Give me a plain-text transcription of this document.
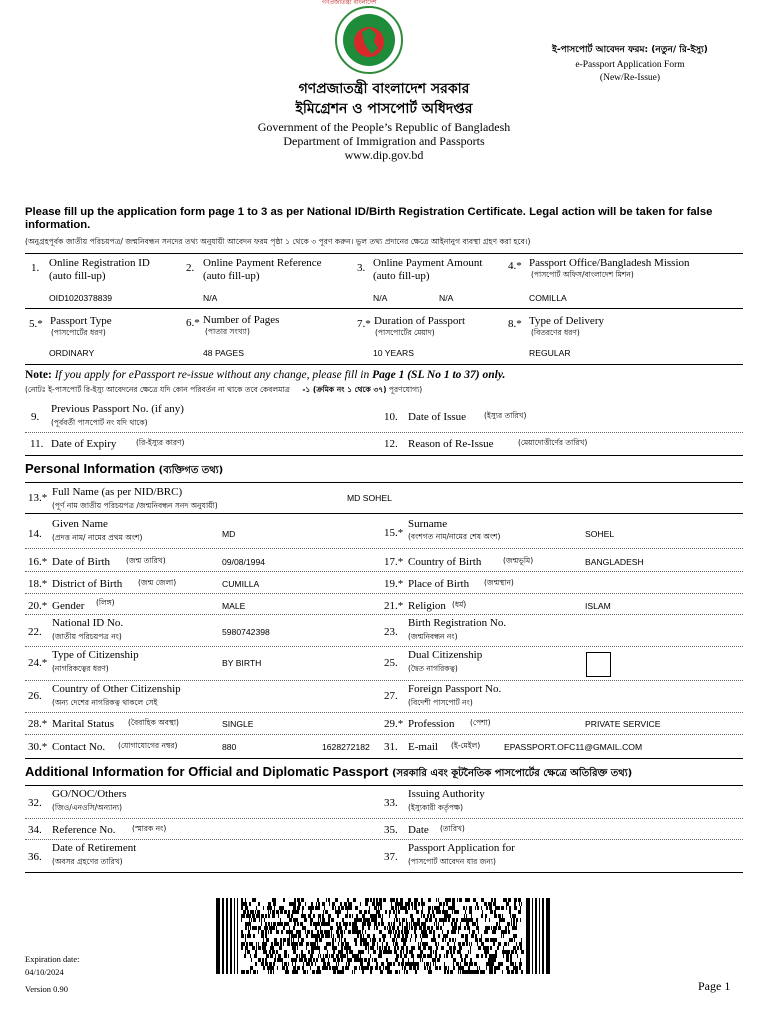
গণপ্রজাতন্ত্রী বাংলাদেশ
গণপ্রজাতন্ত্রী বাংলাদেশ সরকার
ইমিগ্রেশন ও পাসপোর্ট অধিদপ্তর
Government of the People’s Republic of Bangladesh
Department of Immigration and Passports
www.dip.gov.bd
ই-পাসপোর্ট আবেদন ফরম: (নতুন/ রি-ইস্যু)
e-Passport Application Form
(New/Re-Issue)
Please fill up the application form page 1 to 3 as per National ID/Birth Registration Certificate. Legal action will be taken for false information.
(অনুগ্রহপূর্বক জাতীয় পরিচয়পত্র/ জন্মনিবন্ধন সনদের তথ্য অনুযায়ী আবেদন ফরম পৃষ্ঠা ১ থেকে ৩ পূরণ করুন। ভুল তথ্য প্রদানের ক্ষেত্রে আইনানুগ ব্যবস্থা গ্রহণ করা হবে।)
1. Online Registration ID
(auto fill-up)
OID1020378839
2. Online Payment Reference
(auto fill-up)
N/A
3. Online Payment Amount
(auto fill-up)
N/A	N/A
4.* Passport Office/Bangladesh Mission
(পাসপোর্ট অফিস/বাংলাদেশ মিশন)
COMILLA
5.* Passport Type
(পাসপোর্টের ধরণ)
ORDINARY
6.* Number of Pages
(পাতার সংখ্যা)
48 PAGES
7.* Duration of Passport
(পাসপোর্টের মেয়াদ)
10 YEARS
8.* Type of Delivery
(বিতরণের ধরণ)
REGULAR
Note: If you apply for ePassport re-issue without any change, please fill in Page 1 (SL No 1 to 37) only.
(নোটঃ ই-পাসপোর্ট রি-ইস্যু আবেদনের ক্ষেত্রে যদি কোন পরিবর্তন না থাকে তবে কেবলমাত্র -১ (ক্রমিক নং ১ থেকে ৩৭) পূরণযোগ্য)
9.
Previous Passport No. (if any)
(পূর্ববর্তী পাসপোর্ট নং যদি থাকে)	10. Date of Issue (ইস্যুর তারিখ)
11. Date of Expiry	(রি-ইস্যুর কারণ)	12. Reason of Re-Issue	(মেয়াদোত্তীর্ণের তারিখ)
Personal Information (ব্যক্তিগত তথ্য)
13.* Full Name (as per NID/BRC)
(পূর্ণ নাম জাতীয় পরিচয়পত্র /জন্মনিবন্ধন সনদ অনুযায়ী)
MD SOHEL
14.
Given Name
(প্রদত্ত নাম/ নামের প্রথম অংশ)	MD	15.*
Surname
(বংশগত নাম/নামের শেষ অংশ)	SOHEL
16.* Date of Birth (জন্ম তারিখ)	09/08/1994	17.* Country of Birth	(জন্মভূমি)	BANGLADESH
18.* District of Birth (জন্ম জেলা)	CUMILLA	19.* Place of Birth (জন্মস্থান)
20.* Gender (লিঙ্গ)	MALE	21.* Religion (ধর্ম)	ISLAM
22.
National ID No.
(জাতীয় পরিচয়পত্র নং)	5980742398	23.
Birth Registration No.
(জন্মনিবন্ধন নং)
24.*
Type of Citizenship
(নাগরিকত্বের ধরণ)
BY BIRTH	25.
Dual Citizenship
(দ্বৈত নাগরিকত্ব)
26.
Country of Other Citizenship
(অন্য দেশের নাগরিকত্ব থাকলে সেই
27.
Foreign Passport No.
(বিদেশী পাসপোর্ট নং)
28.* Marital Status (বৈবাহিক অবস্থা)	SINGLE	29.* Profession (পেশা)	PRIVATE SERVICE
30.* Contact No. (যোগাযোগের নম্বর)	880	1628272182 31. E-mail (ই-মেইল)	EPASSPORT.OFC11@GMAIL.COM
Additional Information for Official and Diplomatic Passport (সরকারি এবং কূটনৈতিক পাসপোর্টের ক্ষেত্রে অতিরিক্ত তথ্য)
32.
GO/NOC/Others
(জিও/এনওসি/অন্যান্য)	33.
Issuing Authority
(ইস্যুকারী কর্তৃপক্ষ)
34. Reference No. (স্মারক নং)	35. Date (তারিখ)
36.
Date of Retirement
(অবসর গ্রহণের তারিখ)	37.
Passport Application for
(পাসপোর্ট আবেদন যার জন্য)
Expiration date:
04/10/2024
Version 0.90	Page 1
